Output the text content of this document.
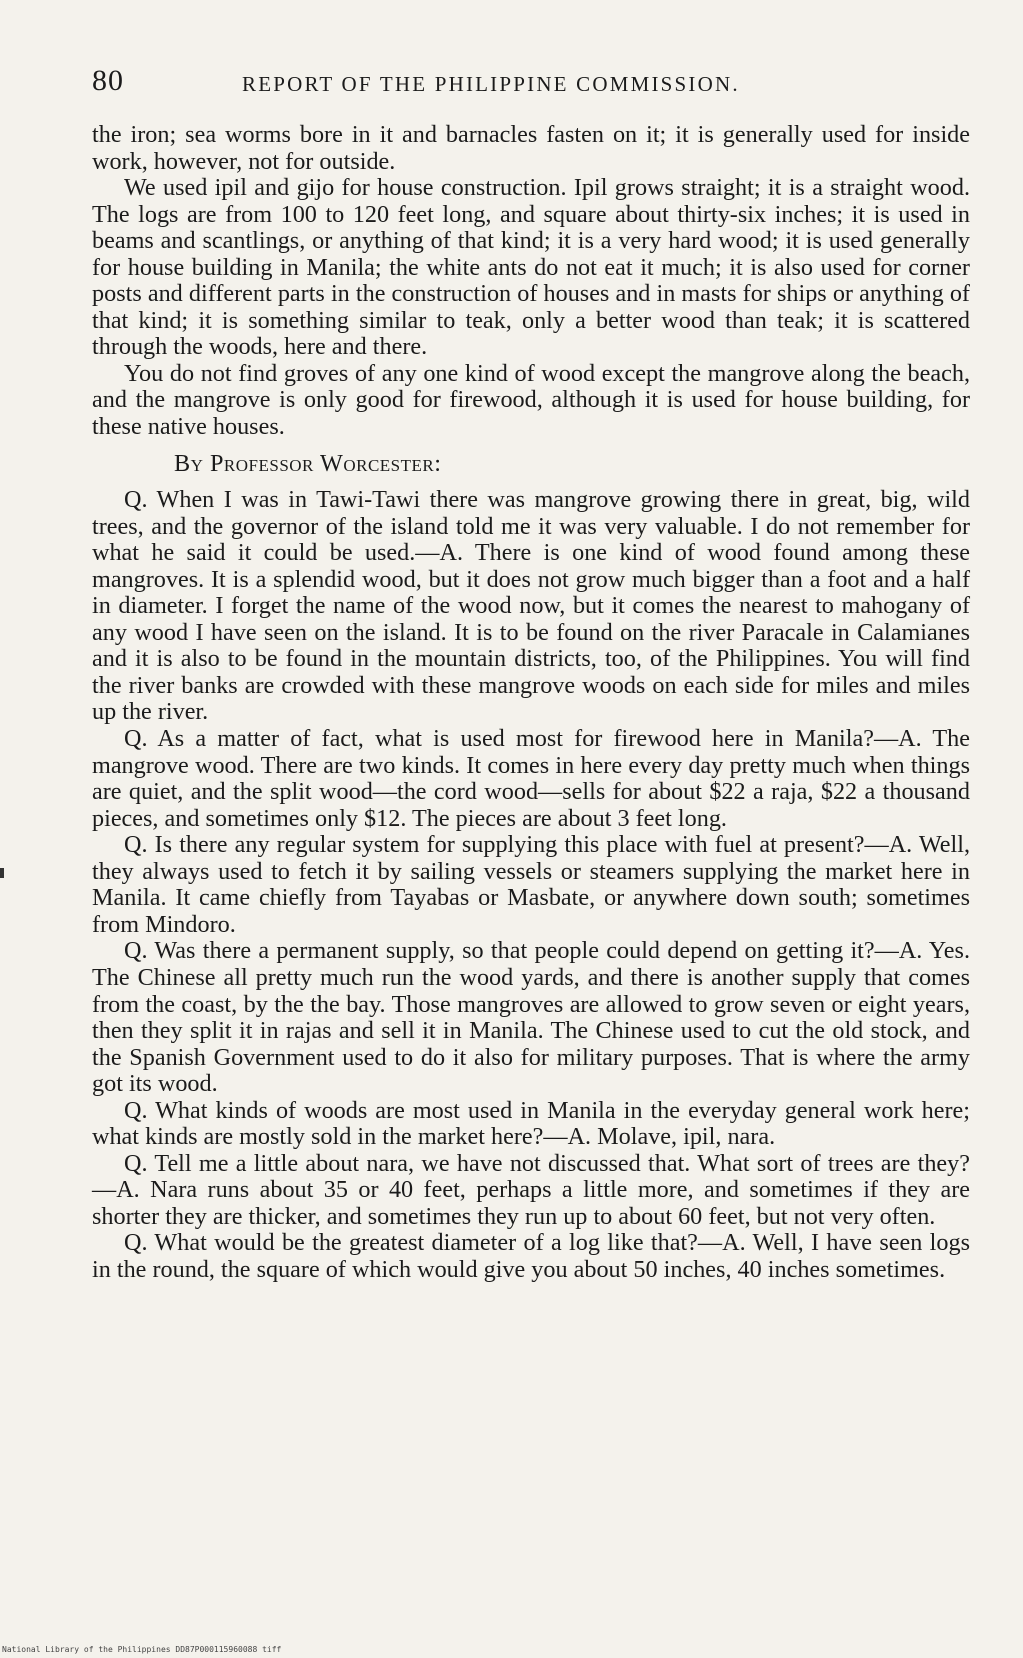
80	REPORT OF THE PHILIPPINE COMMISSION.

the iron; sea worms bore in it and barnacles fasten on it; it is generally used for inside work, however, not for outside.

We used ipil and gijo for house construction. Ipil grows straight; it is a straight wood. The logs are from 100 to 120 feet long, and square about thirty-six inches; it is used in beams and scantlings, or anything of that kind; it is a very hard wood; it is used generally for house building in Manila; the white ants do not eat it much; it is also used for corner posts and different parts in the construction of houses and in masts for ships or anything of that kind; it is something similar to teak, only a better wood than teak; it is scattered through the woods, here and there.

You do not find groves of any one kind of wood except the mangrove along the beach, and the mangrove is only good for firewood, although it is used for house building, for these native houses.

By Professor Worcester:

Q. When I was in Tawi-Tawi there was mangrove growing there in great, big, wild trees, and the governor of the island told me it was very valuable. I do not remember for what he said it could be used.—A. There is one kind of wood found among these mangroves. It is a splendid wood, but it does not grow much bigger than a foot and a half in diameter. I forget the name of the wood now, but it comes the nearest to mahogany of any wood I have seen on the island. It is to be found on the river Paracale in Calamianes and it is also to be found in the mountain districts, too, of the Philippines. You will find the river banks are crowded with these mangrove woods on each side for miles and miles up the river.

Q. As a matter of fact, what is used most for firewood here in Manila?—A. The mangrove wood. There are two kinds. It comes in here every day pretty much when things are quiet, and the split wood—the cord wood—sells for about $22 a raja, $22 a thousand pieces, and sometimes only $12. The pieces are about 3 feet long.

Q. Is there any regular system for supplying this place with fuel at present?—A. Well, they always used to fetch it by sailing vessels or steamers supplying the market here in Manila. It came chiefly from Tayabas or Masbate, or anywhere down south; sometimes from Mindoro.

Q. Was there a permanent supply, so that people could depend on getting it?—A. Yes. The Chinese all pretty much run the wood yards, and there is another supply that comes from the coast, by the the bay. Those mangroves are allowed to grow seven or eight years, then they split it in rajas and sell it in Manila. The Chinese used to cut the old stock, and the Spanish Government used to do it also for military purposes. That is where the army got its wood.

Q. What kinds of woods are most used in Manila in the everyday general work here; what kinds are mostly sold in the market here?—A. Molave, ipil, nara.

Q. Tell me a little about nara, we have not discussed that. What sort of trees are they?—A. Nara runs about 35 or 40 feet, perhaps a little more, and sometimes if they are shorter they are thicker, and sometimes they run up to about 60 feet, but not very often.

Q. What would be the greatest diameter of a log like that?—A. Well, I have seen logs in the round, the square of which would give you about 50 inches, 40 inches sometimes.

National Library of the Philippines DD87P000115960088 tiff
